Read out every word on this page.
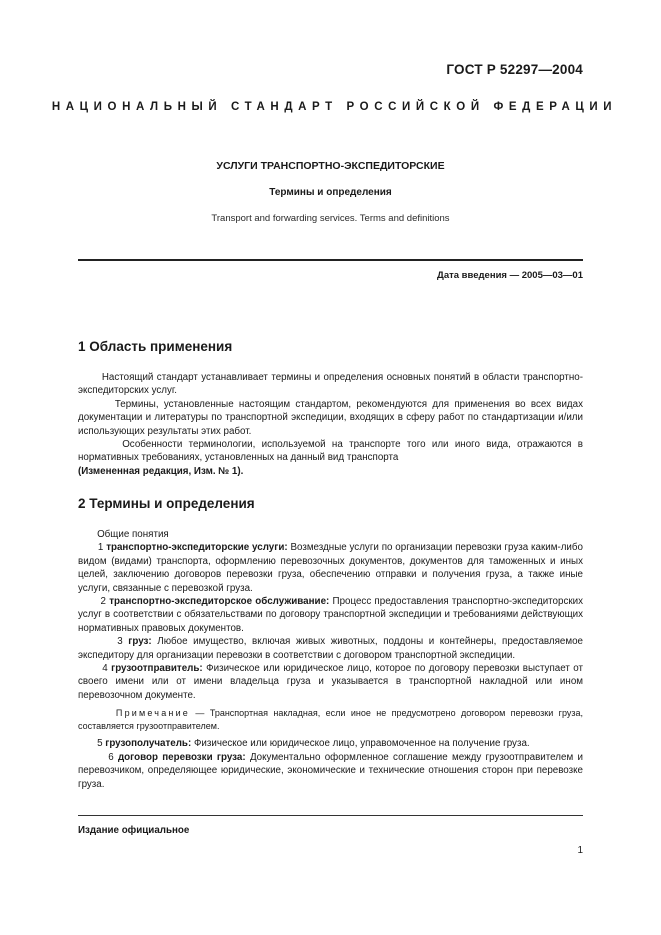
ГОСТ Р 52297—2004
НАЦИОНАЛЬНЫЙ СТАНДАРТ РОССИЙСКОЙ ФЕДЕРАЦИИ
УСЛУГИ ТРАНСПОРТНО-ЭКСПЕДИТОРСКИЕ
Термины и определения
Transport and forwarding services. Terms and definitions
Дата введения — 2005—03—01
1 Область применения

Настоящий стандарт устанавливает термины и определения основных понятий в области транспортно-экспедиторских услуг.

Термины, установленные настоящим стандартом, рекомендуются для применения во всех видах документации и литературы по транспортной экспедиции, входящих в сферу работ по стандартизации и/или использующих результаты этих работ.

Особенности терминологии, используемой на транспорте того или иного вида, отражаются в нормативных требованиях, установленных на данный вид транспорта

(Измененная редакция, Изм. № 1).

2 Термины и определения

Общие понятия

1 транспортно-экспедиторские услуги: Возмездные услуги по организации перевозки груза каким-либо видом (видами) транспорта, оформлению перевозочных документов, документов для таможенных и иных целей, заключению договоров перевозки груза, обеспечению отправки и получения груза, а также иные услуги, связанные с перевозкой груза.

2 транспортно-экспедиторское обслуживание: Процесс предоставления транспортно-экспедиторских услуг в соответствии с обязательствами по договору транспортной экспедиции и требованиями действующих нормативных правовых документов.

3 груз: Любое имущество, включая живых животных, поддоны и контейнеры, предоставляемое экспедитору для организации перевозки в соответствии с договором транспортной экспедиции.

4 грузоотправитель: Физическое или юридическое лицо, которое по договору перевозки выступает от своего имени или от имени владельца груза и указывается в транспортной накладной или ином перевозочном документе.

Примечание — Транспортная накладная, если иное не предусмотрено договором перевозки груза, составляется грузоотправителем.

5 грузополучатель: Физическое или юридическое лицо, управомоченное на получение груза.

6 договор перевозки груза: Документально оформленное соглашение между грузоотправителем и перевозчиком, определяющее юридические, экономические и технические отношения сторон при перевозке груза.

Издание официальное
1
